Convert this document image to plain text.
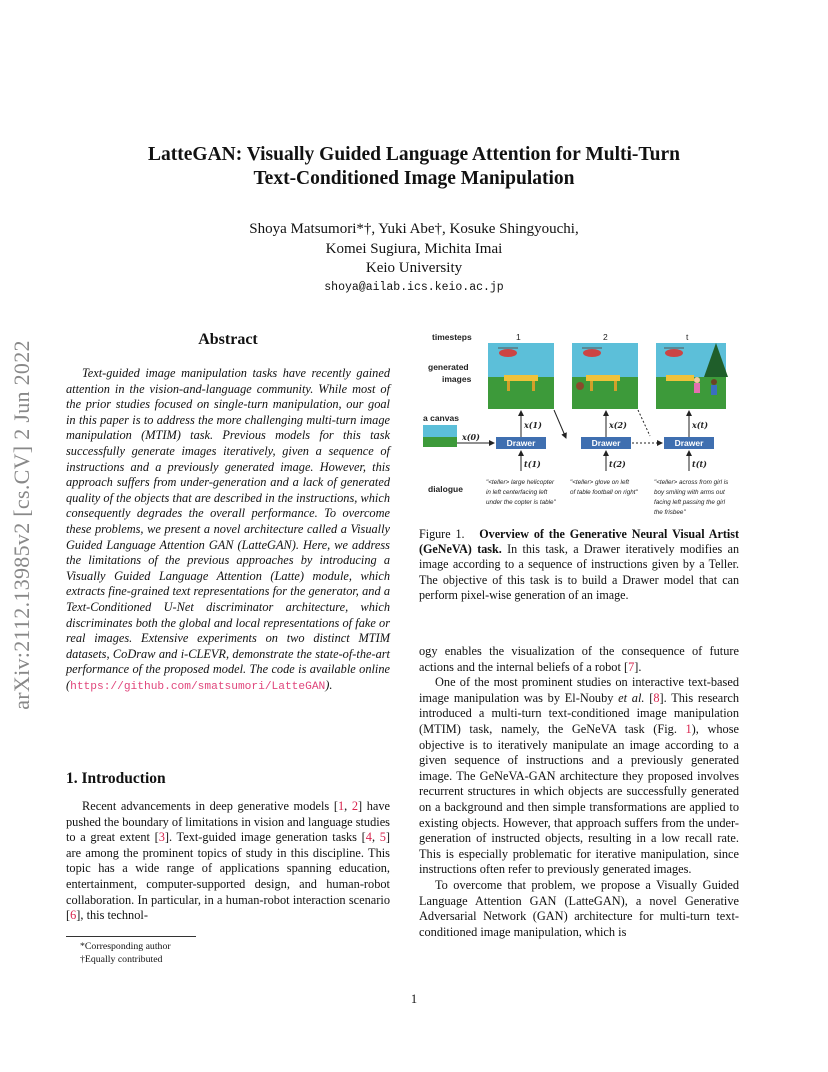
arXiv:2112.13985v2 [cs.CV] 2 Jun 2022
LatteGAN: Visually Guided Language Attention for Multi-Turn
Text-Conditioned Image Manipulation
Shoya Matsumori*†, Yuki Abe†, Kosuke Shingyouchi,
Komei Sugiura, Michita Imai
Keio University
shoya@ailab.ics.keio.ac.jp
Abstract
Text-guided image manipulation tasks have recently gained attention in the vision-and-language community. While most of the prior studies focused on single-turn manipulation, our goal in this paper is to address the more challenging multi-turn image manipulation (MTIM) task. Previous models for this task successfully generate images iteratively, given a sequence of instructions and a previously generated image. However, this approach suffers from under-generation and a lack of generated quality of the objects that are described in the instructions, which consequently degrades the overall performance. To overcome these problems, we present a novel architecture called a Visually Guided Language Attention GAN (LatteGAN). Here, we address the limitations of the previous approaches by introducing a Visually Guided Language Attention (Latte) module, which extracts fine-grained text representations for the generator, and a Text-Conditioned U-Net discriminator architecture, which discriminates both the global and local representations of fake or real images. Extensive experiments on two distinct MTIM datasets, CoDraw and i-CLEVR, demonstrate the state-of-the-art performance of the proposed model. The code is available online (https://github.com/smatsumori/LatteGAN).
1. Introduction
Recent advancements in deep generative models [1, 2] have pushed the boundary of limitations in vision and language studies to a great extent [3]. Text-guided image generation tasks [4, 5] are among the prominent topics of study in this discipline. This topic has a wide range of applications spanning education, entertainment, computer-supported design, and human-robot collaboration. In particular, in a human-robot interaction scenario [6], this technol-

*Corresponding author

†Equally contributed

1
timesteps
generated
images
a canvas
dialogue
1	2	t
Drawer	Drawer	Drawer
x(0)
x(1)	x(2)	x(t)
t(1)	t(2)	t(t)
"<teller> large helicopter
in left centerfacing left
under the copter is table"
"<teller> glove on left
of table football on right"
"<teller> across from girl is
boy smiling with arms out
facing left passing the girl
the frisbee"
Figure 1. Overview of the Generative Neural Visual Artist (GeNeVA) task. In this task, a Drawer iteratively modifies an image according to a sequence of instructions given by a Teller. The objective of this task is to build a Drawer model that can perform pixel-wise generation of an image.

ogy enables the visualization of the consequence of future actions and the internal beliefs of a robot [7].

One of the most prominent studies on interactive text-based image manipulation was by El-Nouby et al. [8]. This research introduced a multi-turn text-conditioned image manipulation (MTIM) task, namely, the GeNeVA task (Fig. 1), whose objective is to iteratively manipulate an image according to a given sequence of instructions and a previously generated image. The GeNeVA-GAN architecture they proposed involves recurrent structures in which objects are successfully generated on a background and then simple transformations are applied to existing objects. However, that approach suffers from the under-generation of instructed objects, resulting in a low recall rate. This is especially problematic for iterative manipulation, since instructions often refer to previously generated images.

To overcome that problem, we propose a Visually Guided Language Attention GAN (LatteGAN), a novel Generative Adversarial Network (GAN) architecture for multi-turn text-conditioned image manipulation, which is
